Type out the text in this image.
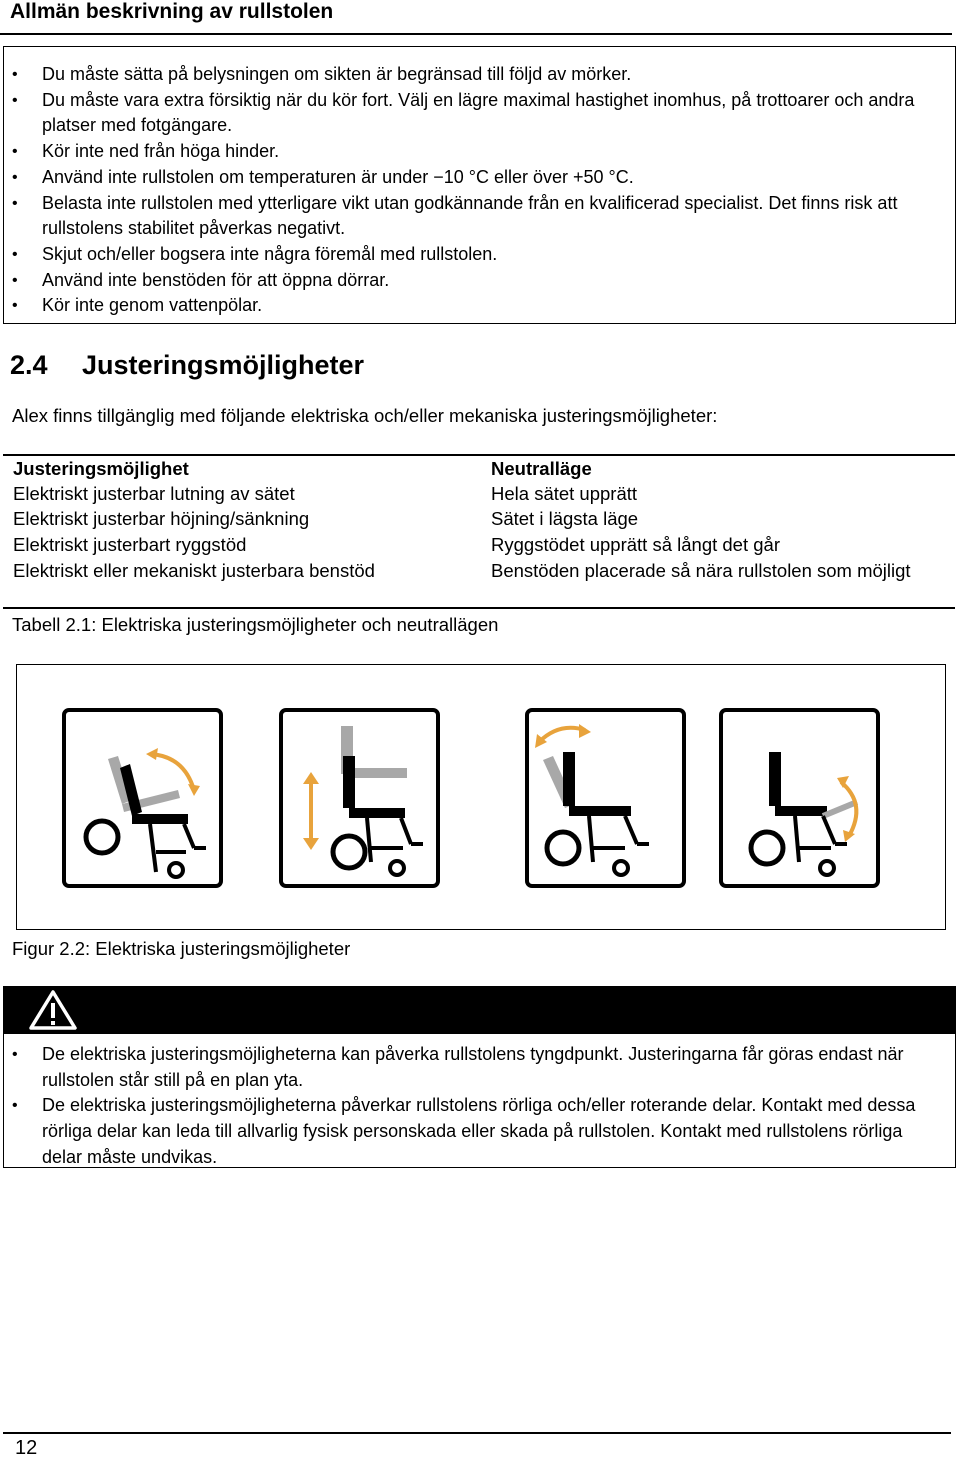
Allmän beskrivning av rullstolen
• Du måste sätta på belysningen om sikten är begränsad till följd av mörker.
• Du måste vara extra försiktig när du kör fort. Välj en lägre maximal hastighet inomhus, på trottoarer och andra platser med fotgängare.
• Kör inte ned från höga hinder.
• Använd inte rullstolen om temperaturen är under −10 °C eller över +50 °C.
• Belasta inte rullstolen med ytterligare vikt utan godkännande från en kvalificerad specialist. Det finns risk att rullstolens stabilitet påverkas negativt.
• Skjut och/eller bogsera inte några föremål med rullstolen.
• Använd inte benstöden för att öppna dörrar.
• Kör inte genom vattenpölar.
2.4 Justeringsmöjligheter
Alex finns tillgänglig med följande elektriska och/eller mekaniska justeringsmöjligheter:
Justeringsmöjlighet	Neutralläge
Elektriskt justerbar lutning av sätet	Hela sätet upprätt
Elektriskt justerbar höjning/sänkning	Sätet i lägsta läge
Elektriskt justerbart ryggstöd	Ryggstödet upprätt så långt det går
Elektriskt eller mekaniskt justerbara benstöd	Benstöden placerade så nära rullstolen som möjligt
Tabell 2.1: Elektriska justeringsmöjligheter och neutrallägen
Figur 2.2: Elektriska justeringsmöjligheter
• De elektriska justeringsmöjligheterna kan påverka rullstolens tyngdpunkt. Justeringarna får göras endast när rullstolen står still på en plan yta.
• De elektriska justeringsmöjligheterna påverkar rullstolens rörliga och/eller roterande delar. Kontakt med dessa rörliga delar kan leda till allvarlig fysisk personskada eller skada på rullstolen. Kontakt med rullstolens rörliga delar måste undvikas.
12
